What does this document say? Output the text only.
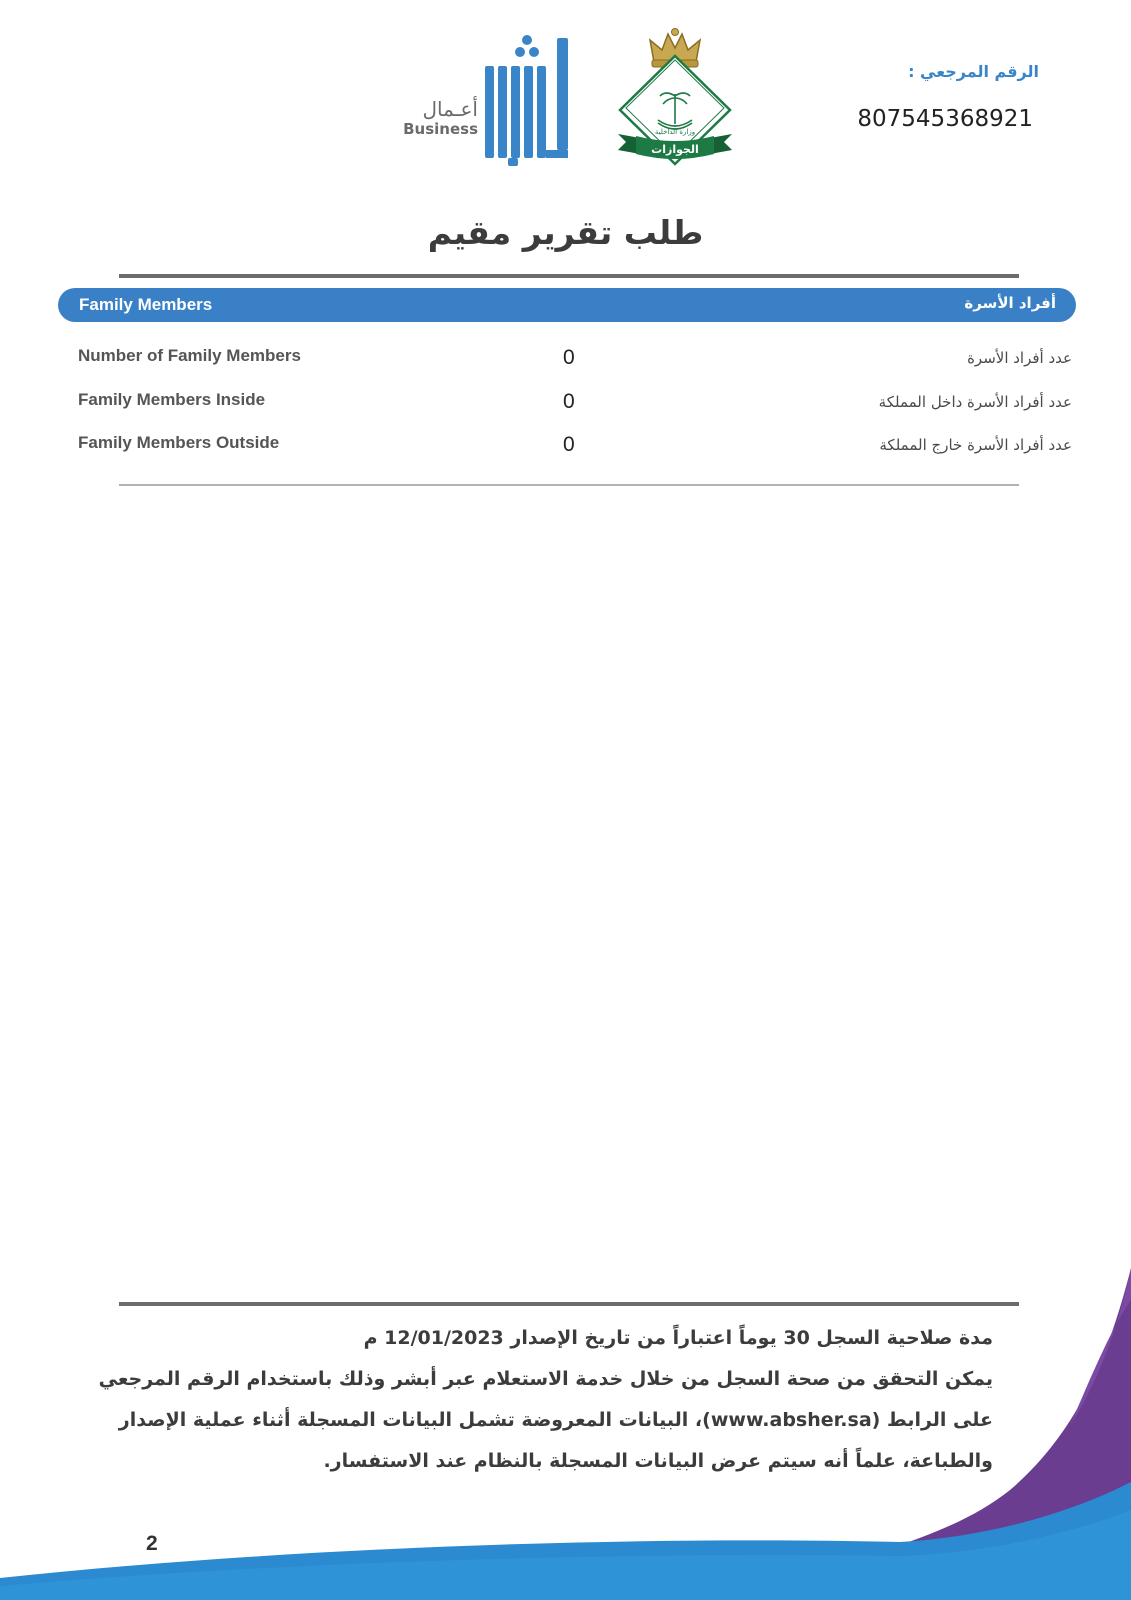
الرقم المرجعي :
807545368921
وزارة الداخلية
الجوازات
أعـمال
Business
طلب تقرير مقيم
Family Members	أفراد الأسرة
Number of Family Members	0	عدد أفراد الأسرة
Family Members Inside	0	عدد أفراد الأسرة داخل المملكة
Family Members Outside	0	عدد أفراد الأسرة خارج المملكة
مدة صلاحية السجل 30 يوماً اعتباراً من تاريخ الإصدار 12/01/2023 م
يمكن التحقق من صحة السجل من خلال خدمة الاستعلام عبر أبشر وذلك باستخدام الرقم المرجعي
على الرابط (www.absher.sa)، البيانات المعروضة تشمل البيانات المسجلة أثناء عملية الإصدار
والطباعة، علماً أنه سيتم عرض البيانات المسجلة بالنظام عند الاستفسار.
2
